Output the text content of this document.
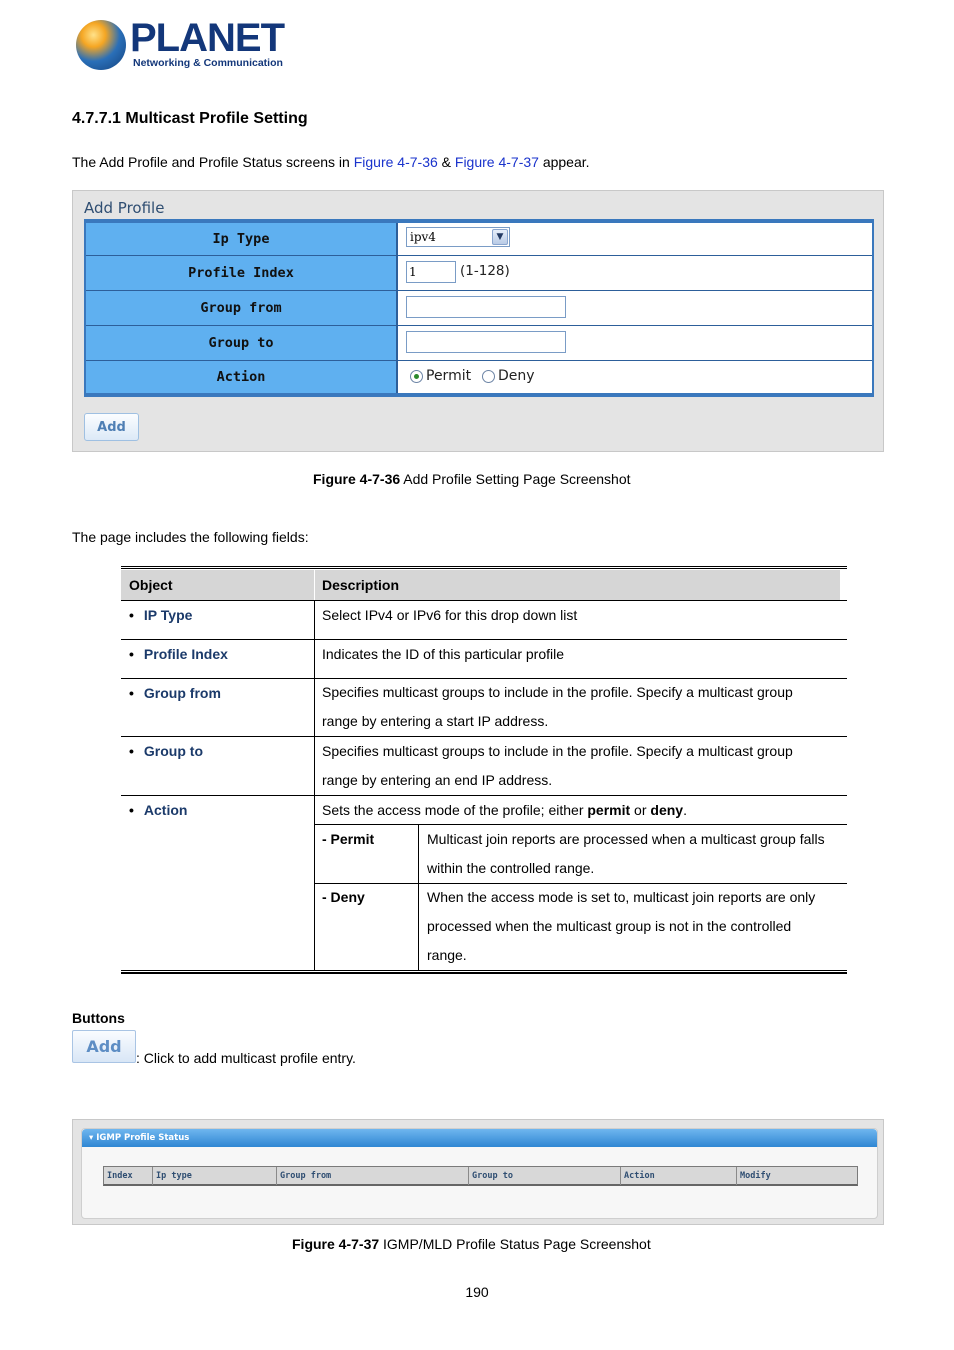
PLANET
Networking & Communication
4.7.7.1 Multicast Profile Setting
The Add Profile and Profile Status screens in Figure 4-7-36 & Figure 4-7-37 appear.
Add Profile
Ip Type	ipv4	▼
Profile Index	1	(1-128)
Group from
Group to
Action	Permit Deny
Add
Figure 4-7-36 Add Profile Setting Page Screenshot
The page includes the following fields:
Object	Description
• IP Type	Select IPv4 or IPv6 for this drop down list
• Profile Index	Indicates the ID of this particular profile
• Group from	Specifies multicast groups to include in the profile. Specify a multicast group
range by entering a start IP address.
• Group to	Specifies multicast groups to include in the profile. Specify a multicast group
range by entering an end IP address.
• Action	Sets the access mode of the profile; either permit or deny.
- Permit	Multicast join reports are processed when a multicast group falls
within the controlled range.
- Deny	When the access mode is set to, multicast join reports are only
processed when the multicast group is not in the controlled
range.
Buttons
Add
: Click to add multicast profile entry.
▾ IGMP Profile Status
Index	Ip type	Group from	Group to	Action	Modify
Figure 4-7-37 IGMP/MLD Profile Status Page Screenshot
190
